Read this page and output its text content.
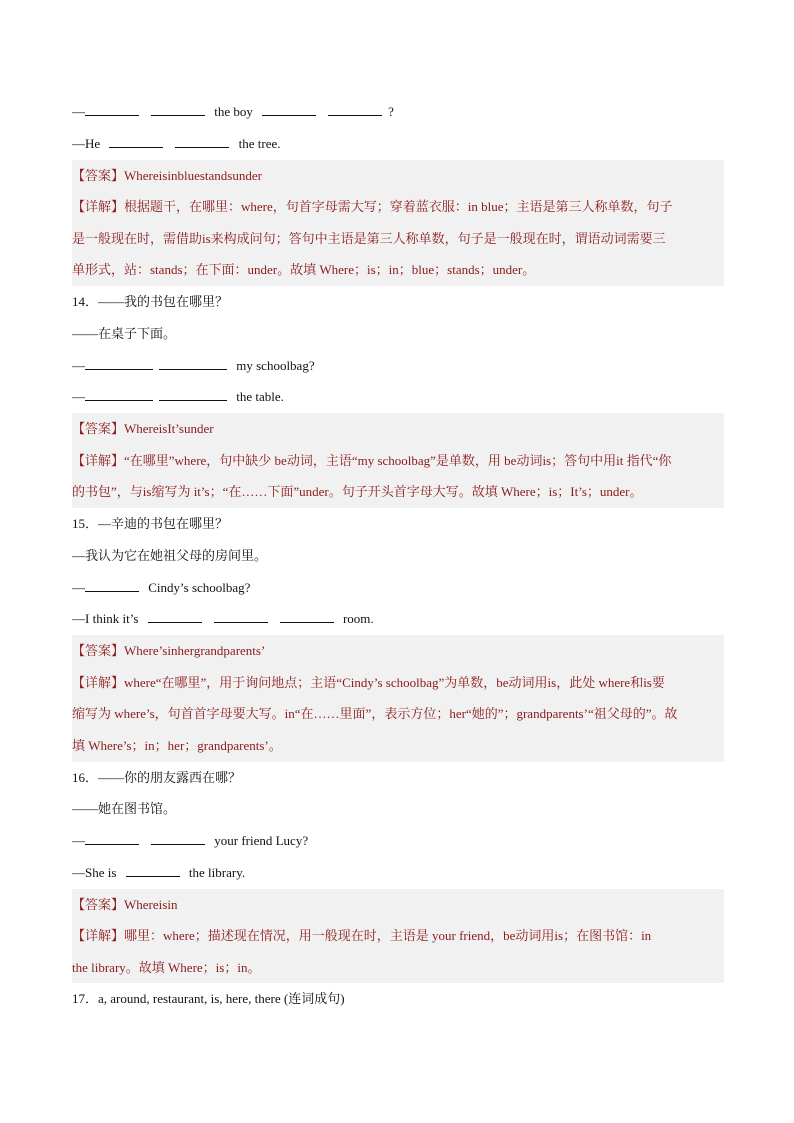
—	the boy	?
—He	the tree.
【答案】Whereisinbluestandsunder
【详解】根据题干，在哪里：where，句首字母需大写；穿着蓝衣服：in blue；主语是第三人称单数，句子
是一般现在时，需借助is来构成问句；答句中主语是第三人称单数，句子是一般现在时，谓语动词需要三
单形式，站：stands；在下面：under。故填 Where；is；in；blue；stands；under。
14．——我的书包在哪里？
——在桌子下面。
—	my schoolbag?
—	the table.
【答案】WhereisIt’sunder
【详解】“在哪里”where，句中缺少 be动词，主语“my schoolbag”是单数，用 be动词is；答句中用it 指代“你
的书包”，与is缩写为 it’s；“在……下面”under。句子开头首字母大写。故填 Where；is；It’s；under。
15．—辛迪的书包在哪里？
—我认为它在她祖父母的房间里。
—	Cindy’s schoolbag?
—I think it’s	room.
【答案】Where’sinhergrandparents’
【详解】where“在哪里”，用于询问地点；主语“Cindy’s schoolbag”为单数，be动词用is，此处 where和is要
缩写为 where’s，句首首字母要大写。in“在……里面”，表示方位；her“她的”；grandparents’“祖父母的”。故
填 Where’s；in；her；grandparents’。
16．——你的朋友露西在哪？
——她在图书馆。
—	your friend Lucy?
—She is	the library.
【答案】Whereisin
【详解】哪里：where；描述现在情况，用一般现在时，主语是 your friend，be动词用is；在图书馆：in
the library。故填 Where；is；in。
17．a, around, restaurant, is, here, there (连词成句)
